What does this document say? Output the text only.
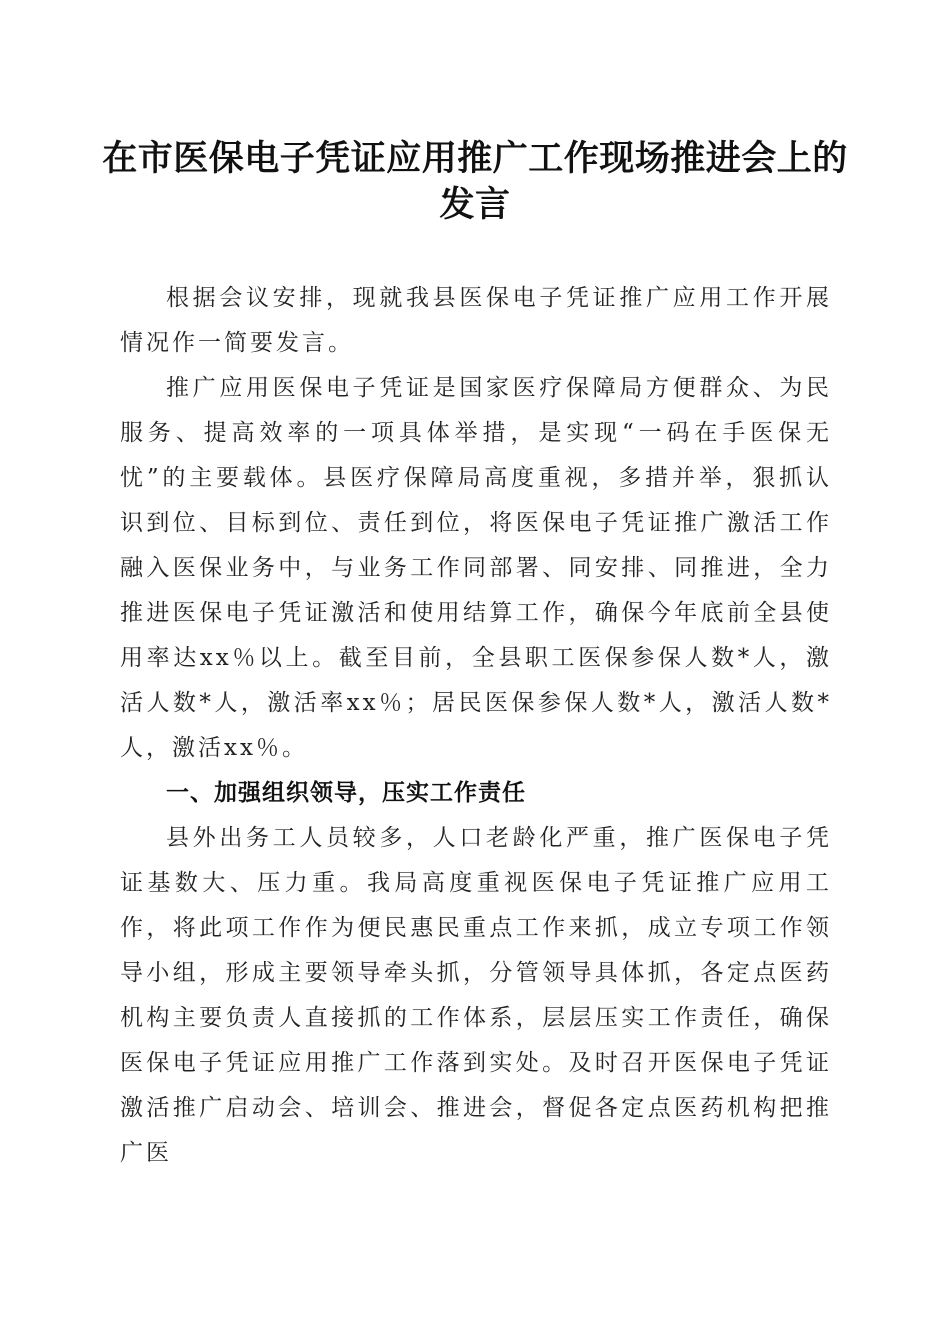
在市医保电子凭证应用推广工作现场推进会上的发言

根据会议安排，现就我县医保电子凭证推广应用工作开展情况作一简要发言。

推广应用医保电子凭证是国家医疗保障局方便群众、为民服务、提高效率的一项具体举措，是实现“一码在手医保无忧”的主要载体。县医疗保障局高度重视，多措并举，狠抓认识到位、目标到位、责任到位，将医保电子凭证推广激活工作融入医保业务中，与业务工作同部署、同安排、同推进，全力推进医保电子凭证激活和使用结算工作，确保今年底前全县使用率达xx％以上。截至目前，全县职工医保参保人数*人，激活人数*人，激活率xx％；居民医保参保人数*人，激活人数*人，激活xx％。

一、加强组织领导，压实工作责任

县外出务工人员较多，人口老龄化严重，推广医保电子凭证基数大、压力重。我局高度重视医保电子凭证推广应用工作，将此项工作作为便民惠民重点工作来抓，成立专项工作领导小组，形成主要领导牵头抓，分管领导具体抓，各定点医药机构主要负责人直接抓的工作体系，层层压实工作责任，确保医保电子凭证应用推广工作落到实处。及时召开医保电子凭证激活推广启动会、培训会、推进会，督促各定点医药机构把推广医
